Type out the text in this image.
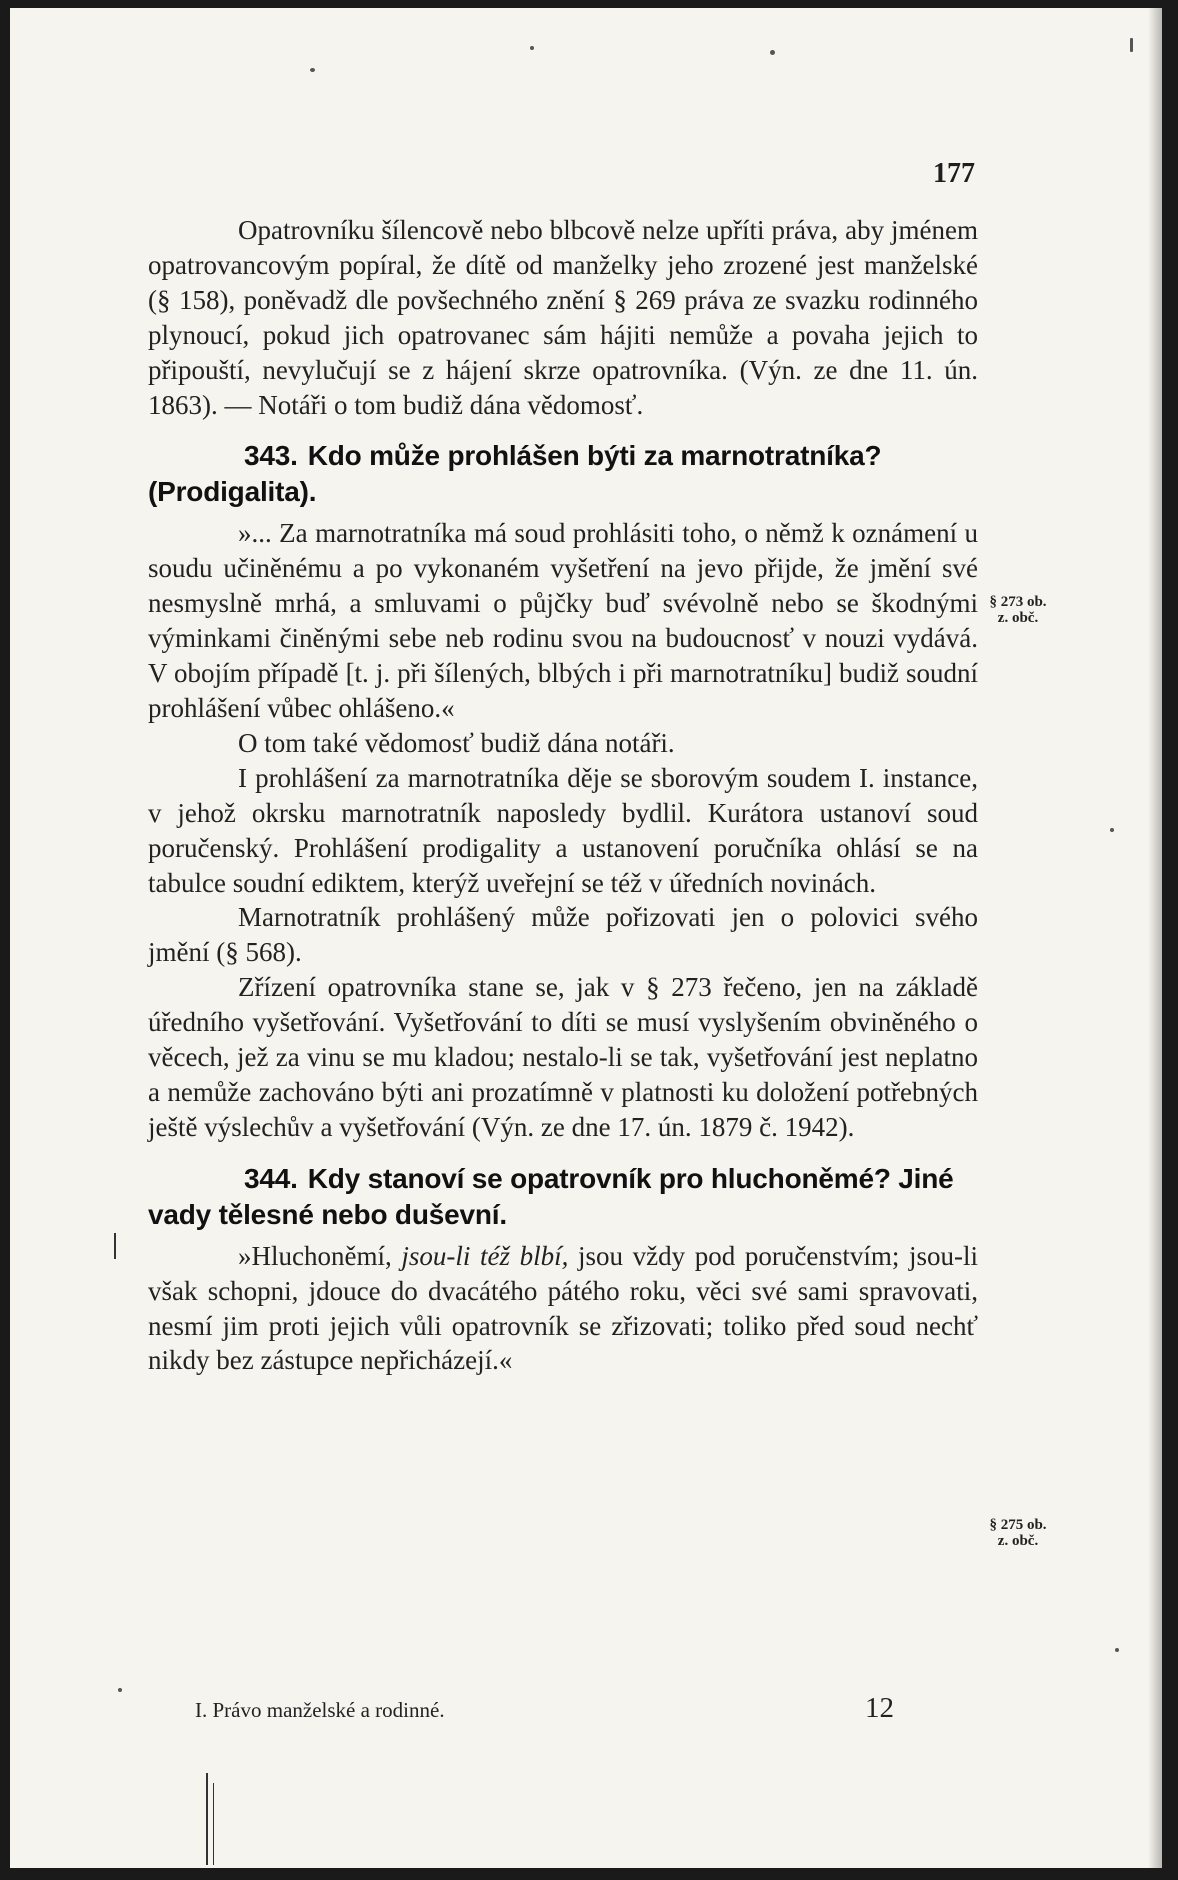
177

Opatrovníku šílencově nebo blbcově nelze upříti práva, aby jménem opatrovancovým popíral, že dítě od manželky jeho zrozené jest manželské (§ 158), poněvadž dle povšechného znění § 269 práva ze svazku rodinného plynoucí, pokud jich opatrovanec sám hájiti nemůže a povaha jejich to připouští, nevylučují se z hájení skrze opatrovníka. (Výn. ze dne 11. ún. 1863). — Notáři o tom budiž dána vědomosť.

343. Kdo může prohlášen býti za marnotratníka? (Prodigalita).

»... Za marnotratníka má soud prohlásiti toho, o němž k oznámení u soudu učiněnému a po vykonaném vyšetření na jevo přijde, že jmění své nesmyslně mrhá, a smluvami o půjčky buď svévolně nebo se škodnými výminkami činěnými sebe neb rodinu svou na budoucnosť v nouzi vydává. V obojím případě [t. j. při šílených, blbých i při marnotratníku] budiž soudní prohlášení vůbec ohlášeno.«

O tom také vědomosť budiž dána notáři.

I prohlášení za marnotratníka děje se sborovým soudem I. instance, v jehož okrsku marnotratník naposledy bydlil. Kurátora ustanoví soud poručenský. Prohlášení prodigality a ustanovení poručníka ohlásí se na tabulce soudní ediktem, kterýž uveřejní se též v úředních novinách.

Marnotratník prohlášený může pořizovati jen o polovici svého jmění (§ 568).

Zřízení opatrovníka stane se, jak v § 273 řečeno, jen na základě úředního vyšetřování. Vyšetřování to díti se musí vyslyšením obviněného o věcech, jež za vinu se mu kladou; nestalo-li se tak, vyšetřování jest neplatno a nemůže zachováno býti ani prozatímně v platnosti ku doložení potřebných ještě výslechův a vyšetřování (Výn. ze dne 17. ún. 1879 č. 1942).

344. Kdy stanoví se opatrovník pro hluchoněmé? Jiné vady tělesné nebo duševní.

»Hluchoněmí, jsou-li též blbí, jsou vždy pod poručenstvím; jsou-li však schopni, jdouce do dvacátého pátého roku, věci své sami spravovati, nesmí jim proti jejich vůli opatrovník se zřizovati; toliko před soud nechť nikdy bez zástupce nepřicházejí.«

§ 273 ob.
z. obč.
§ 275 ob.
z. obč.
I. Právo manželské a rodinné.	12
